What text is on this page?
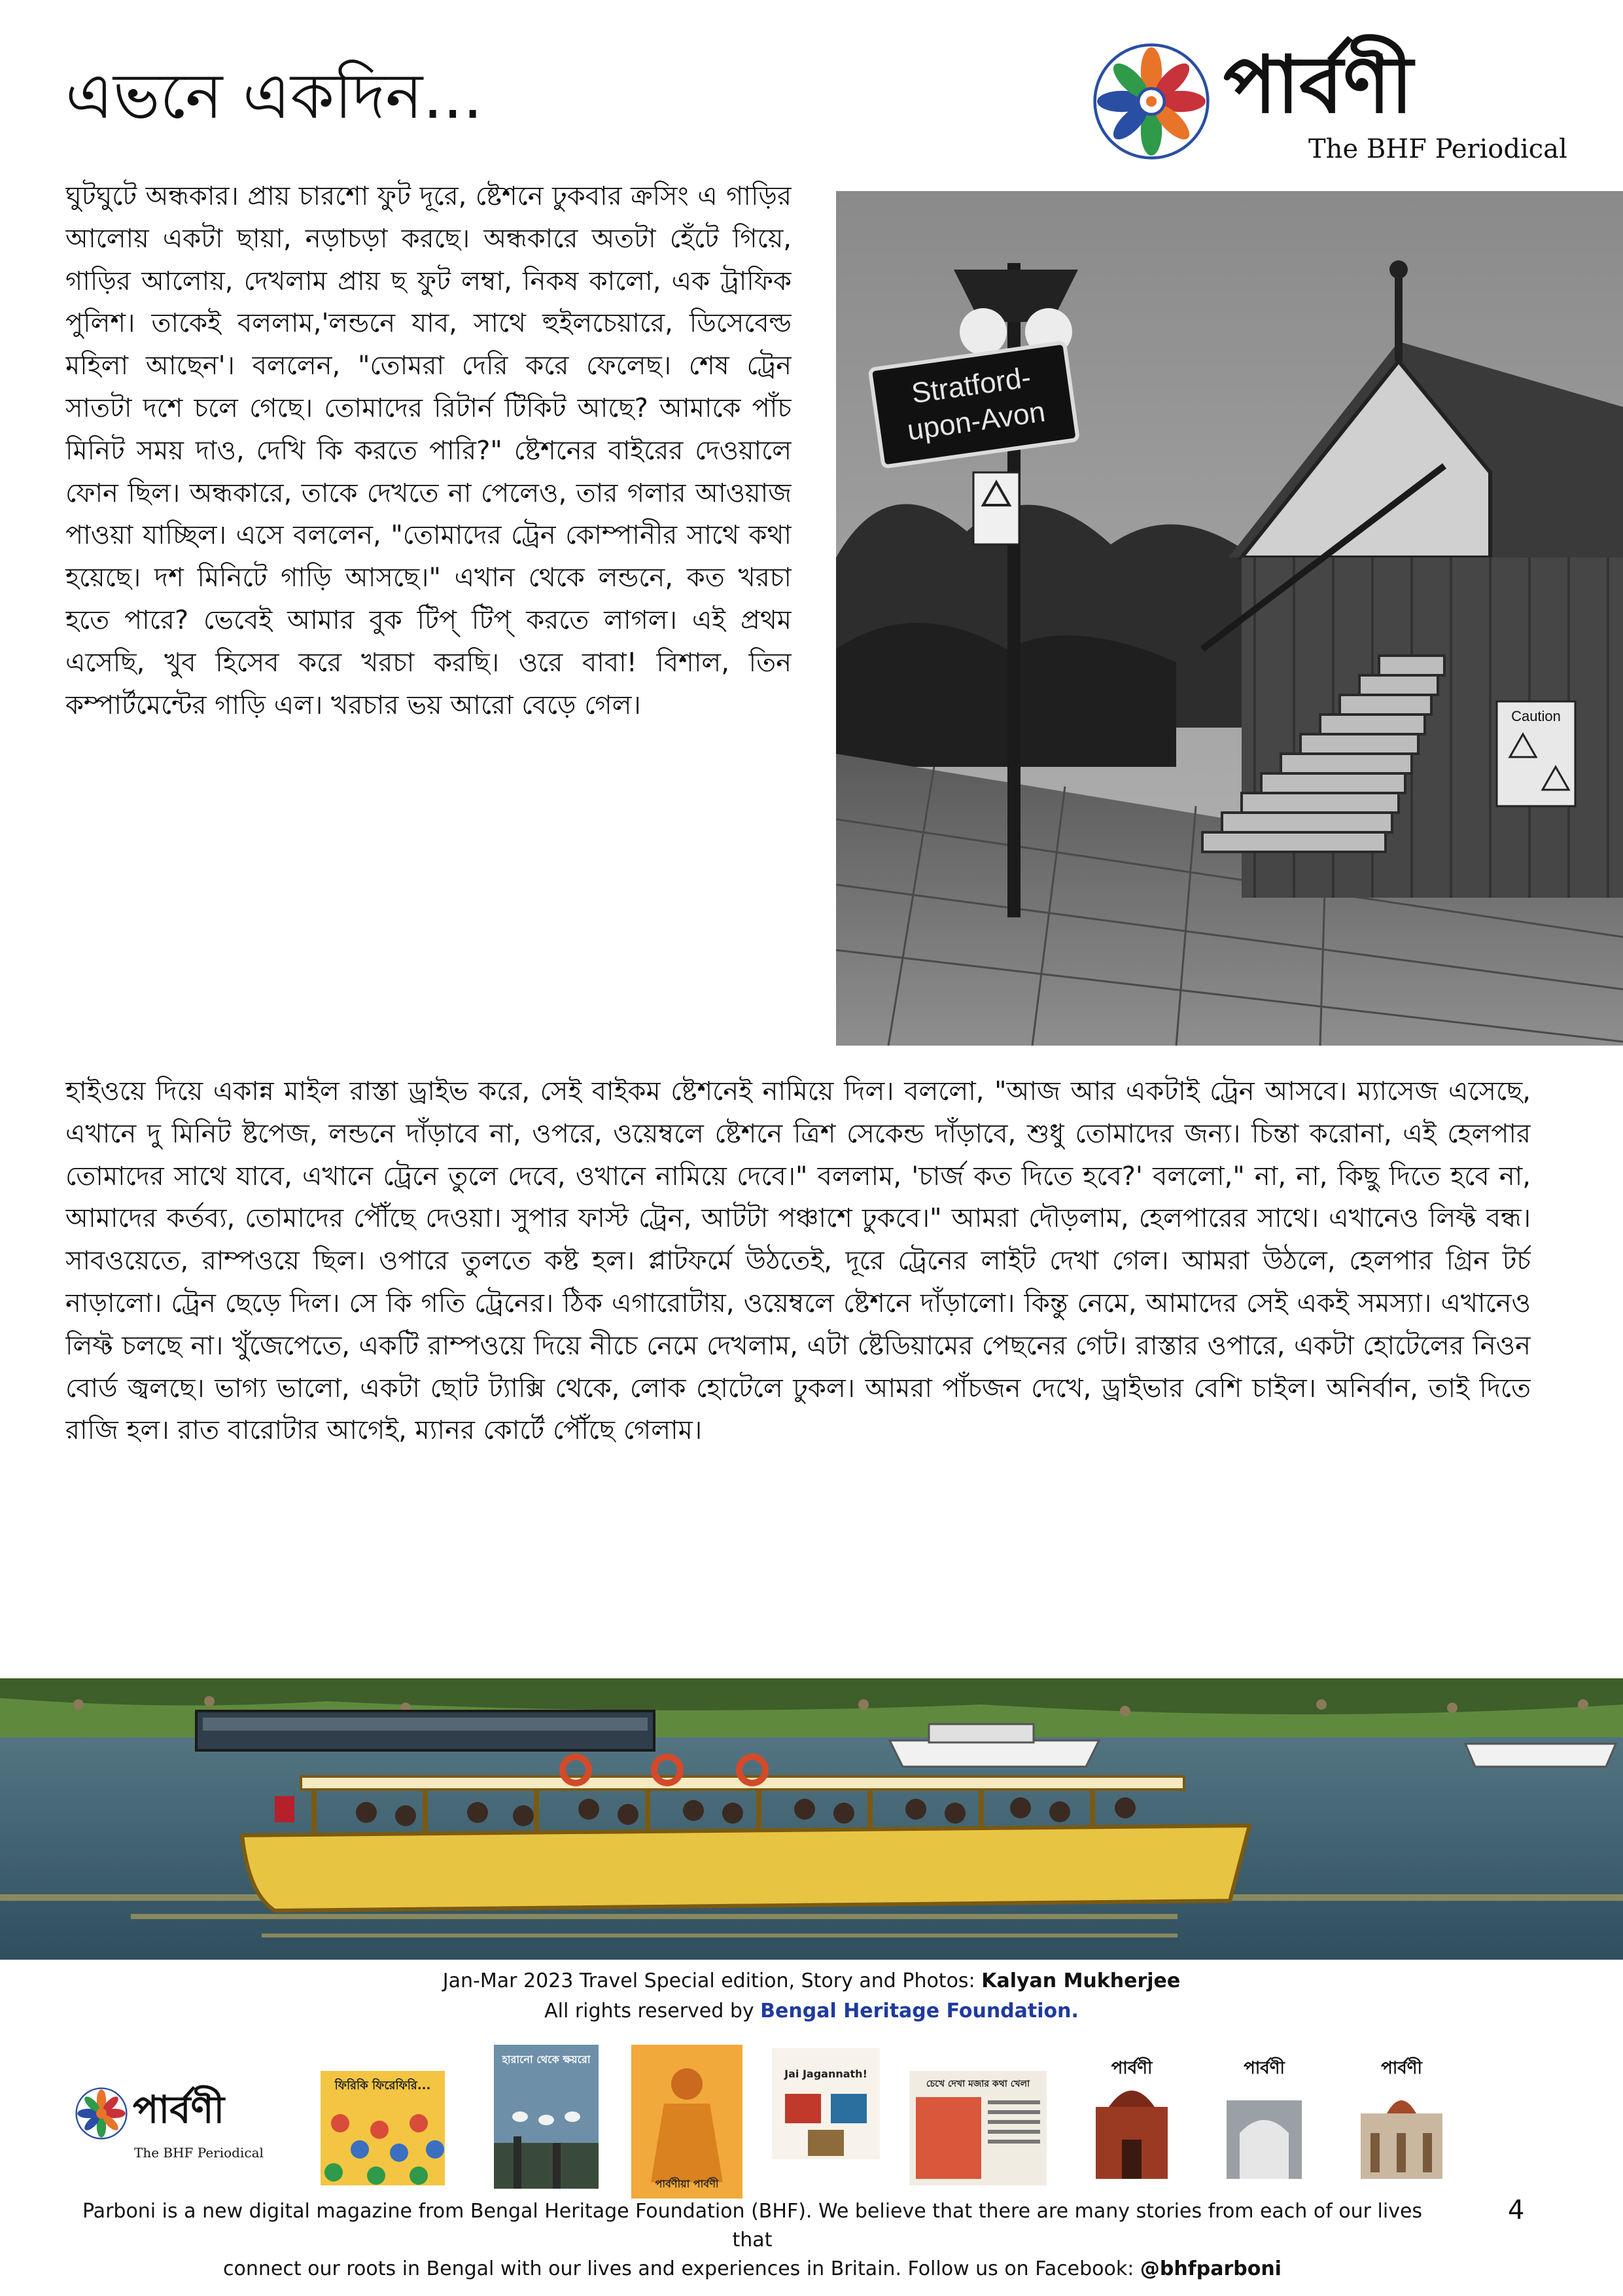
এভনে একদিন...	পার্বণী
The BHF Periodical
ঘুটঘুটে অন্ধকার। প্রায় চারশো ফুট দূরে, ষ্টেশনে ঢুকবার ক্রসিং এ গাড়ির আলোয় একটা ছায়া, নড়াচড়া করছে। অন্ধকারে অতটা হেঁটে গিয়ে, গাড়ির আলোয়, দেখলাম প্রায় ছ ফুট লম্বা, নিকষ কালো, এক ট্রাফিক পুলিশ। তাকেই বললাম,'লন্ডনে যাব, সাথে হুইলচেয়ারে, ডিসেবেল্ড মহিলা আছেন'। বললেন, "তোমরা দেরি করে ফেলেছ। শেষ ট্রেন সাতটা দশে চলে গেছে। তোমাদের রিটার্ন টিকিট আছে? আমাকে পাঁচ মিনিট সময় দাও, দেখি কি করতে পারি?" ষ্টেশনের বাইরের দেওয়ালে ফোন ছিল। অন্ধকারে, তাকে দেখতে না পেলেও, তার গলার আওয়াজ পাওয়া যাচ্ছিল। এসে বললেন, "তোমাদের ট্রেন কোম্পানীর সাথে কথা হয়েছে। দশ মিনিটে গাড়ি আসছে।" এখান থেকে লন্ডনে, কত খরচা হতে পারে? ভেবেই আমার বুক টিপ্‌ টিপ্‌ করতে লাগল। এই প্রথম এসেছি, খুব হিসেব করে খরচা করছি। ওরে বাবা! বিশাল, তিন কম্পার্টমেন্টের গাড়ি এল। খরচার ভয় আরো বেড়ে গেল।
Stratford-
upon-Avon
Caution
হাইওয়ে দিয়ে একান্ন মাইল রাস্তা ড্রাইভ করে, সেই বাইকম ষ্টেশনেই নামিয়ে দিল। বললো, "আজ আর একটাই ট্রেন আসবে। ম্যাসেজ এসেছে, এখানে দু মিনিট ষ্টপেজ, লন্ডনে দাঁড়াবে না, ওপরে, ওয়েম্বলে ষ্টেশনে ত্রিশ সেকেন্ড দাঁড়াবে, শুধু তোমাদের জন্য। চিন্তা করোনা, এই হেলপার তোমাদের সাথে যাবে, এখানে ট্রেনে তুলে দেবে, ওখানে নামিয়ে দেবে।" বললাম, 'চার্জ কত দিতে হবে?' বললো," না, না, কিছু দিতে হবে না, আমাদের কর্তব্য, তোমাদের পৌঁছে দেওয়া। সুপার ফাস্ট ট্রেন, আটটা পঞ্চাশে ঢুকবে।" আমরা দৌড়লাম, হেলপারের সাথে। এখানেও লিফ্ট বন্ধ। সাবওয়েতে, রাম্পওয়ে ছিল। ওপারে তুলতে কষ্ট হল। প্লাটফর্মে উঠতেই, দূরে ট্রেনের লাইট দেখা গেল। আমরা উঠলে, হেলপার গ্রিন টর্চ নাড়ালো। ট্রেন ছেড়ে দিল। সে কি গতি ট্রেনের। ঠিক এগারোটায়, ওয়েম্বলে ষ্টেশনে দাঁড়ালো। কিন্তু নেমে, আমাদের সেই একই সমস্যা। এখানেও লিফ্ট চলছে না। খুঁজেপেতে, একটি রাম্পওয়ে দিয়ে নীচে নেমে দেখলাম, এটা ষ্টেডিয়ামের পেছনের গেট। রাস্তার ওপারে, একটা হোটেলের নিওন বোর্ড জ্বলছে। ভাগ্য ভালো, একটা ছোট ট্যাক্সি থেকে, লোক হোটেলে ঢুকল। আমরা পাঁচজন দেখে, ড্রাইভার বেশি চাইল। অনির্বান, তাই দিতে রাজি হল। রাত বারোটার আগেই, ম্যানর কোর্টে পৌঁছে গেলাম।
Jan-Mar 2023 Travel Special edition, Story and Photos: Kalyan Mukherjee
All rights reserved by Bengal Heritage Foundation.
পার্বণী
The BHF Periodical
ফিরিকি ফিরেফিরি...
হারানো থেকে ক্ষয়রো
পার্বণীয়া পার্বণী
Jai Jagannath!
চেখে দেখা মজার কথা খেলা
পার্বণী	পার্বণী	পার্বণী
Parboni is a new digital magazine from Bengal Heritage Foundation (BHF). We believe that there are many stories from each of our lives that
connect our roots in Bengal with our lives and experiences in Britain. Follow us on Facebook: @bhfparboni
4
